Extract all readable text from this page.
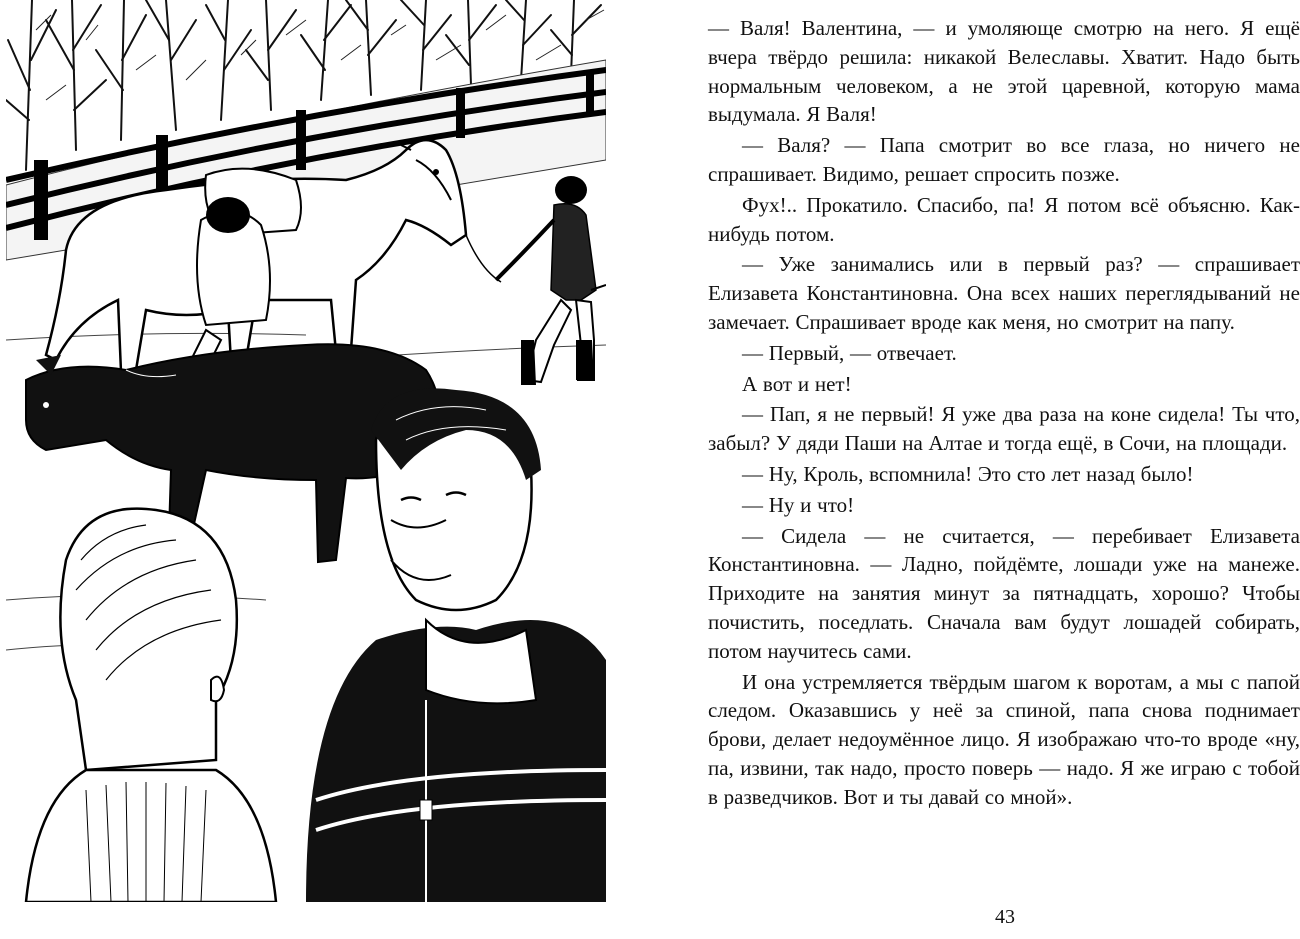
— Валя! Валентина, — и умоляюще смотрю на него. Я ещё вчера твёрдо решила: никакой Велеславы. Хватит. Надо быть нормальным человеком, а не этой царевной, которую мама выдумала. Я Валя!

— Валя? — Папа смотрит во все глаза, но ничего не спрашивает. Видимо, решает спросить позже.

Фух!.. Прокатило. Спасибо, па! Я потом всё объясню. Как-нибудь потом.

— Уже занимались или в первый раз? — спрашивает Елизавета Константиновна. Она всех наших переглядываний не замечает. Спрашивает вроде как меня, но смотрит на папу.

— Первый, — отвечает.

А вот и нет!

— Пап, я не первый! Я уже два раза на коне сидела! Ты что, забыл? У дяди Паши на Алтае и тогда ещё, в Сочи, на площади.

— Ну, Кроль, вспомнила! Это сто лет назад было!

— Ну и что!

— Сидела — не считается, — перебивает Елизавета Константиновна. — Ладно, пойдёмте, лошади уже на манеже. Приходите на занятия минут за пятнадцать, хорошо? Чтобы почистить, поседлать. Сначала вам будут лошадей собирать, потом научитесь сами.

И она устремляется твёрдым шагом к воротам, а мы с папой следом. Оказавшись у неё за спиной, папа снова поднимает брови, делает недоумённое лицо. Я изображаю что-то вроде «ну, па, извини, так надо, просто поверь — надо. Я же играю с тобой в разведчиков. Вот и ты давай со мной».

43
